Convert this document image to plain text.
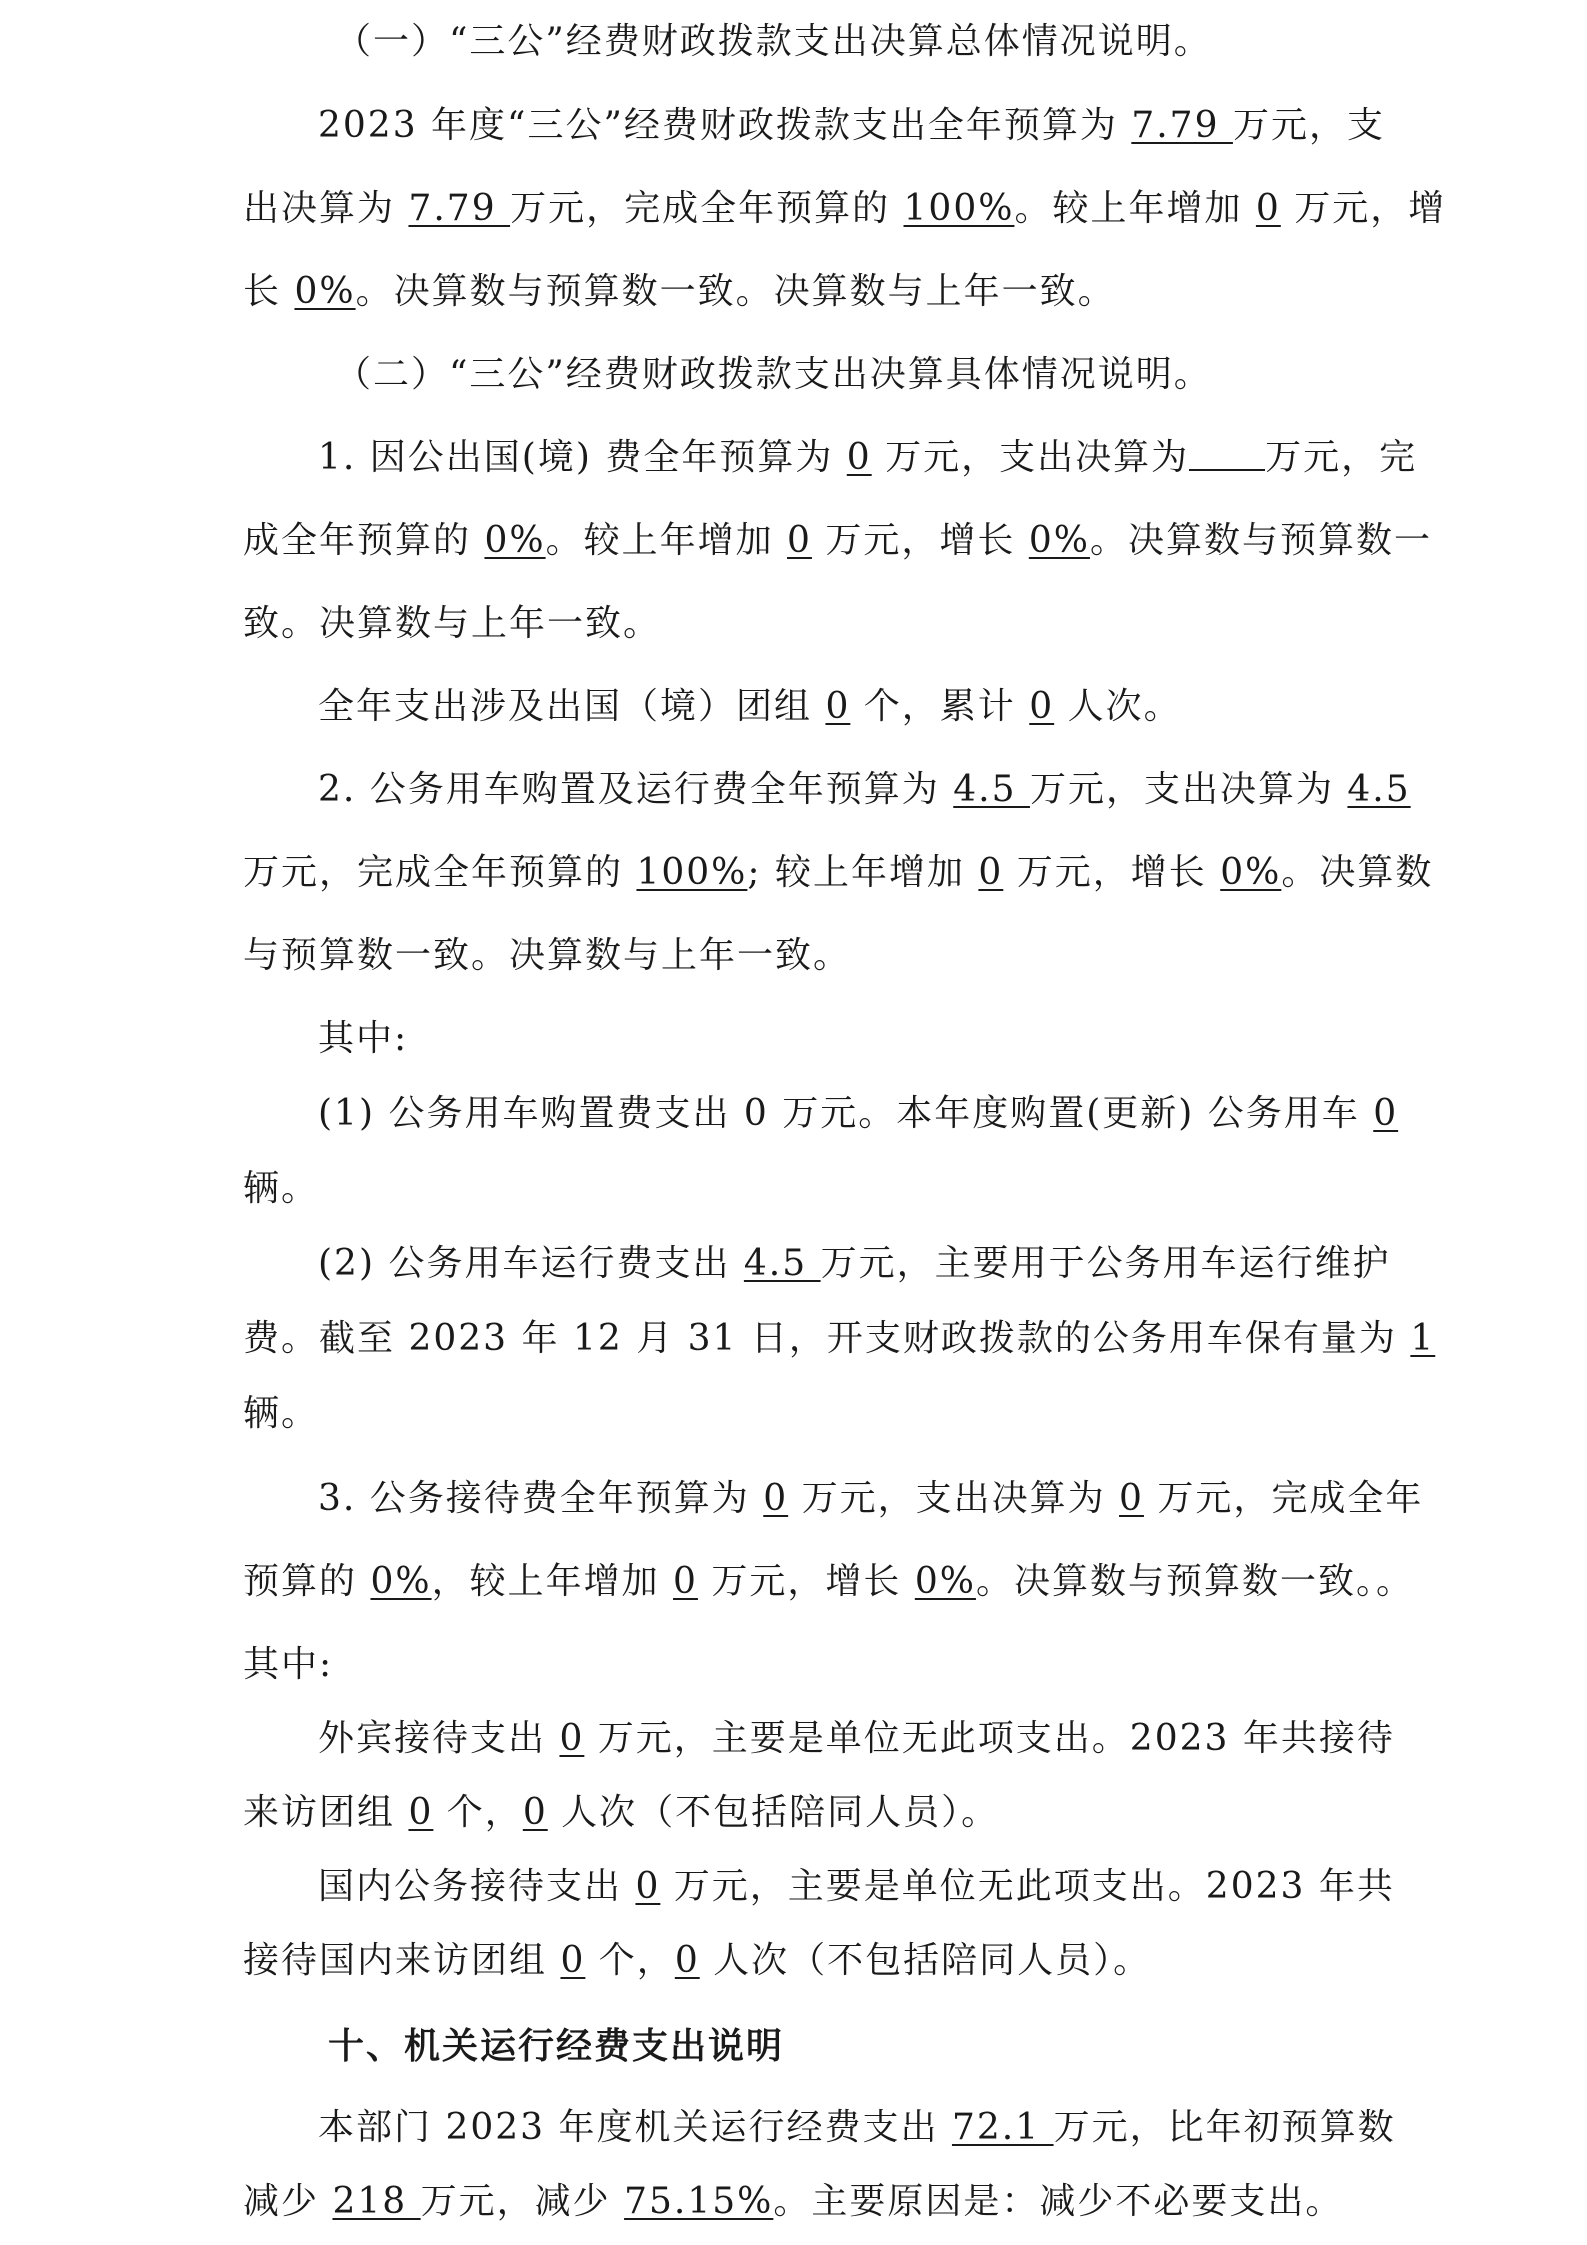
（一）“三公”经费财政拨款支出决算总体情况说明。
2023 年度“三公”经费财政拨款支出全年预算为 7.79 万元，支
出决算为 7.79 万元，完成全年预算的 100%。较上年增加 0 万元，增
长 0%。决算数与预算数一致。决算数与上年一致。
（二）“三公”经费财政拨款支出决算具体情况说明。
1. 因公出国(境) 费全年预算为 0 万元，支出决算为 万元，完
成全年预算的 0%。较上年增加 0 万元，增长 0%。决算数与预算数一
致。决算数与上年一致。
全年支出涉及出国（境）团组 0 个，累计 0 人次。
2. 公务用车购置及运行费全年预算为 4.5 万元，支出决算为 4.5
万元，完成全年预算的 100%; 较上年增加 0 万元，增长 0%。决算数
与预算数一致。决算数与上年一致。
其中:
(1) 公务用车购置费支出 0 万元。本年度购置(更新) 公务用车 0
辆。
(2) 公务用车运行费支出 4.5 万元，主要用于公务用车运行维护
费。截至 2023 年 12 月 31 日，开支财政拨款的公务用车保有量为 1
辆。
3. 公务接待费全年预算为 0 万元，支出决算为 0 万元，完成全年
预算的 0%，较上年增加 0 万元，增长 0%。决算数与预算数一致。。
其中:
外宾接待支出 0 万元，主要是单位无此项支出。2023 年共接待
来访团组 0 个，0 人次（不包括陪同人员）。
国内公务接待支出 0 万元，主要是单位无此项支出。2023 年共
接待国内来访团组 0 个，0 人次（不包括陪同人员）。
十、机关运行经费支出说明
本部门 2023 年度机关运行经费支出 72.1 万元，比年初预算数
减少 218 万元，减少 75.15%。主要原因是：减少不必要支出。
